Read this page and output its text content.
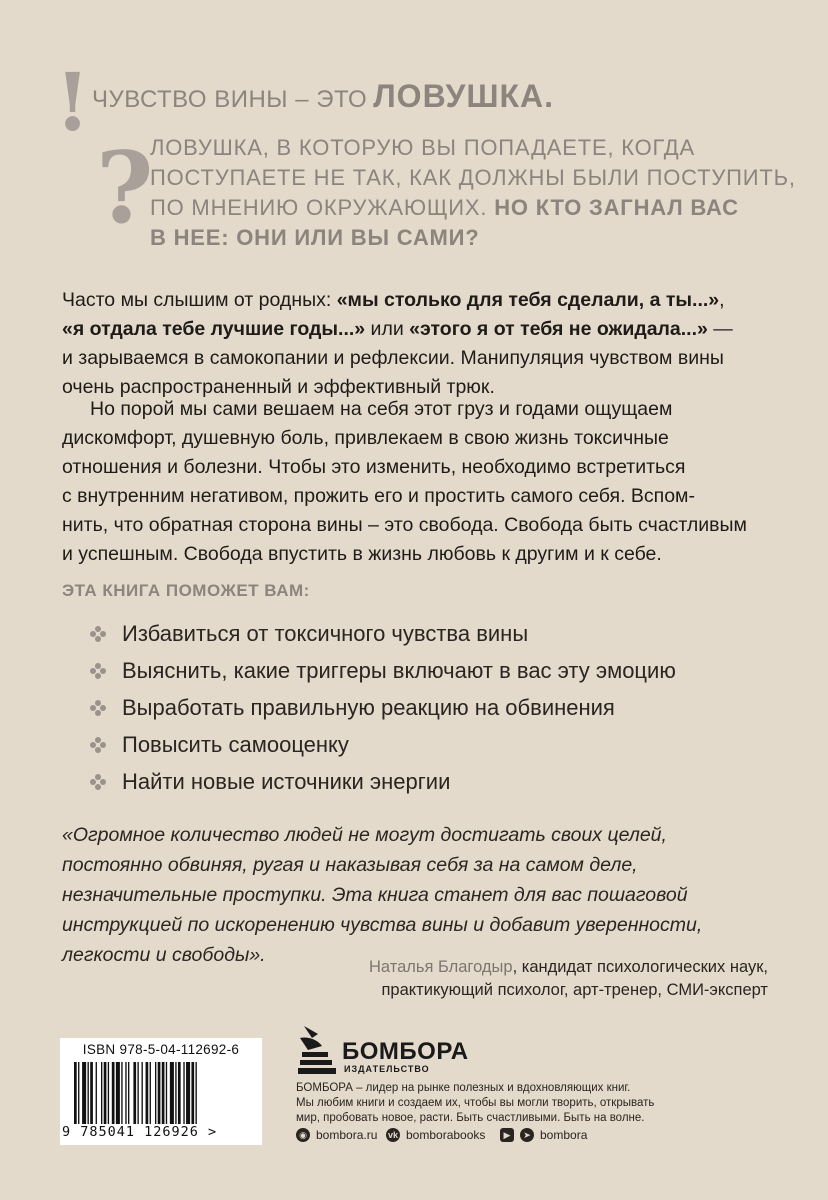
!
?
ЧУВСТВО ВИНЫ – ЭТО ЛОВУШКА.
ЛОВУШКА, В КОТОРУЮ ВЫ ПОПАДАЕТЕ, КОГДА
ПОСТУПАЕТЕ НЕ ТАК, КАК ДОЛЖНЫ БЫЛИ ПОСТУПИТЬ,
ПО МНЕНИЮ ОКРУЖАЮЩИХ. НО КТО ЗАГНАЛ ВАС
В НЕЕ: ОНИ ИЛИ ВЫ САМИ?
Часто мы слышим от родных: «мы столько для тебя сделали, а ты...»,
«я отдала тебе лучшие годы...» или «этого я от тебя не ожидала...» —
и зарываемся в самокопании и рефлексии. Манипуляция чувством вины
очень распространенный и эффективный трюк.
Но порой мы сами вешаем на себя этот груз и годами ощущаем
дискомфорт, душевную боль, привлекаем в свою жизнь токсичные
отношения и болезни. Чтобы это изменить, необходимо встретиться
с внутренним негативом, прожить его и простить самого себя. Вспом-
нить, что обратная сторона вины – это свобода. Свобода быть счастливым
и успешным. Свобода впустить в жизнь любовь к другим и к себе.
ЭТА КНИГА ПОМОЖЕТ ВАМ:
Избавиться от токсичного чувства вины
Выяснить, какие триггеры включают в вас эту эмоцию
Выработать правильную реакцию на обвинения
Повысить самооценку
Найти новые источники энергии
«Огромное количество людей не могут достигать своих целей,
постоянно обвиняя, ругая и наказывая себя за на самом деле,
незначительные проступки. Эта книга станет для вас пошаговой
инструкцией по искоренению чувства вины и добавит уверенности,
легкости и свободы».
Наталья Благодыр, кандидат психологических наук,
практикующий психолог, арт-тренер, СМИ-эксперт
ISBN 978-5-04-112692-6
9 785041 126926 >
БОМБОРА
ИЗДАТЕЛЬСТВО
БОМБОРА – лидер на рынке полезных и вдохновляющих книг.
Мы любим книги и создаем их, чтобы вы могли творить, открывать
мир, пробовать новое, расти. Быть счастливыми. Быть на волне.
◉ bombora.ru vk bomborabooks	▶	➤ bombora
